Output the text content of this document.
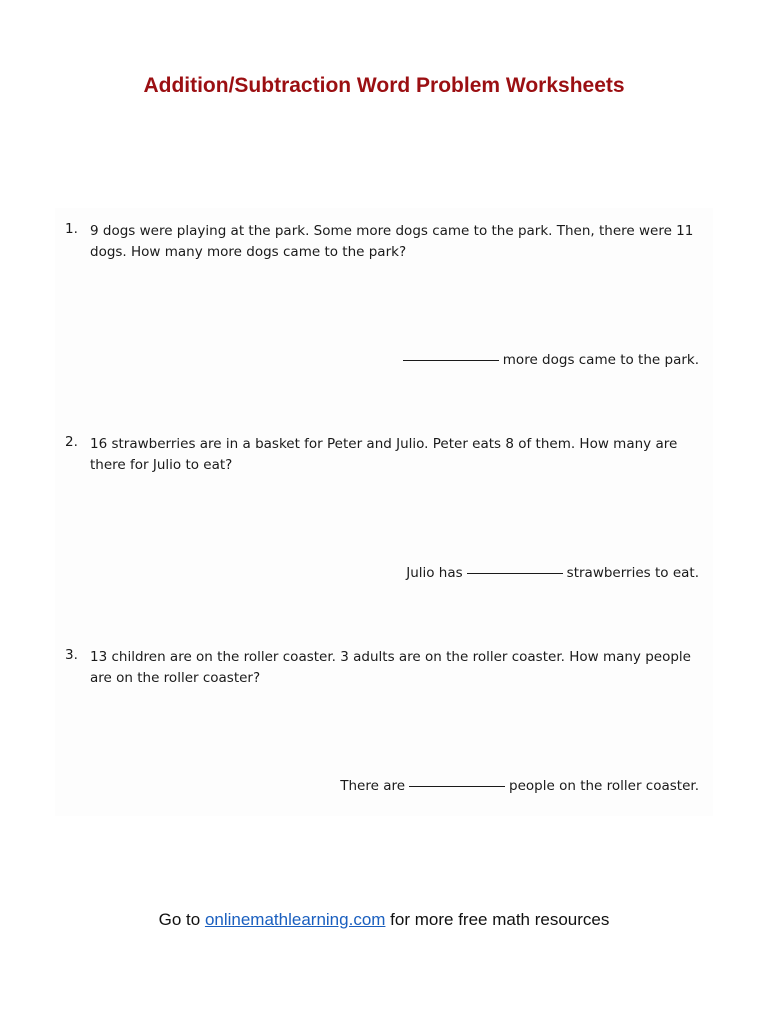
Addition/Subtraction Word Problem Worksheets
1. 9 dogs were playing at the park. Some more dogs came to the park. Then, there were 11 dogs. How many more dogs came to the park?

more dogs came to the park.
2. 16 strawberries are in a basket for Peter and Julio. Peter eats 8 of them. How many are there for Julio to eat?

Julio has	strawberries to eat.
3. 13 children are on the roller coaster. 3 adults are on the roller coaster. How many people are on the roller coaster?

There are	people on the roller coaster.
Go to onlinemathlearning.com for more free math resources
